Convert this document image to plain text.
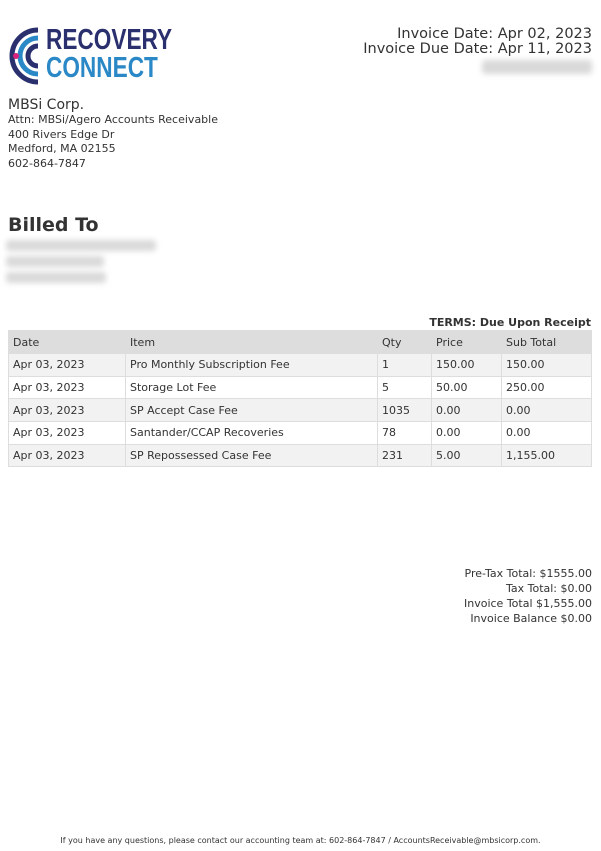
RECOVERY
CONNECT
Invoice Date: Apr 02, 2023
Invoice Due Date: Apr 11, 2023
MBSi Corp.
Attn: MBSi/Agero Accounts Receivable
400 Rivers Edge Dr
Medford, MA 02155
602-864-7847
Billed To
TERMS: Due Upon Receipt
Date	Item	Qty	Price	Sub Total
Apr 03, 2023	Pro Monthly Subscription Fee	1	150.00	150.00
Apr 03, 2023	Storage Lot Fee	5	50.00	250.00
Apr 03, 2023	SP Accept Case Fee	1035	0.00	0.00
Apr 03, 2023	Santander/CCAP Recoveries	78	0.00	0.00
Apr 03, 2023	SP Repossessed Case Fee	231	5.00	1,155.00
Pre-Tax Total: $1555.00
Tax Total: $0.00
Invoice Total $1,555.00
Invoice Balance $0.00
If you have any questions, please contact our accounting team at: 602-864-7847 / AccountsReceivable@mbsicorp.com.
